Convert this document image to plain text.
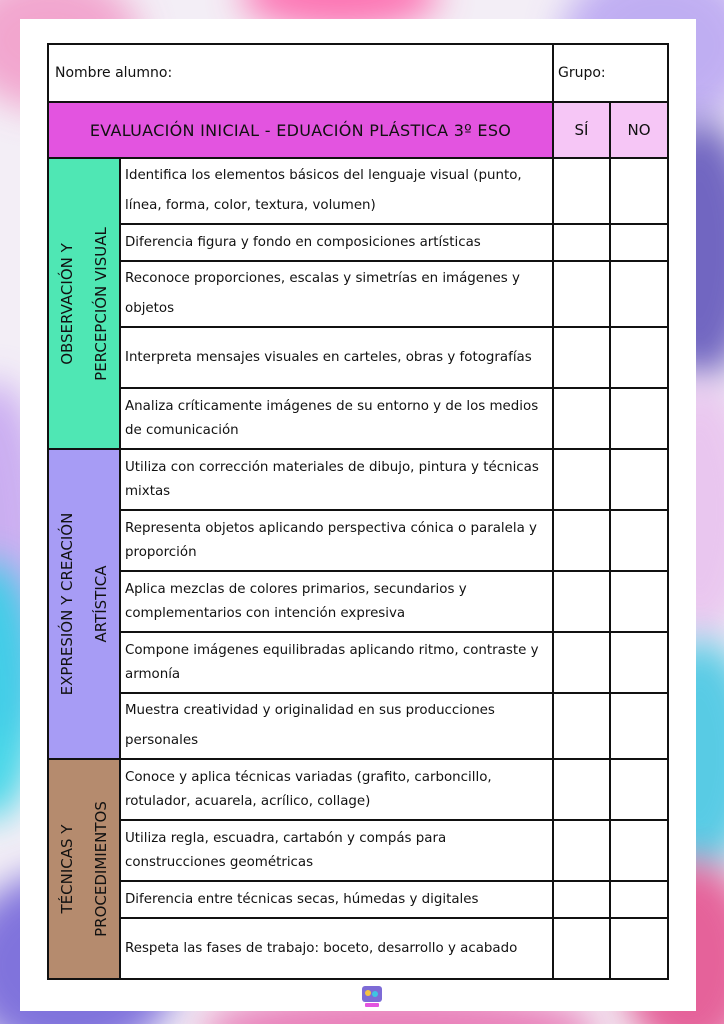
Nombre alumno:		Grupo:	
EVALUACIÓN INICIAL - EDUACIÓN PLÁSTICA 3º ESO		SÍ	NO

OBSERVACIÓN Y PERCEPCIÓN VISUAL	Identifica los elementos básicos del lenguaje visual (punto, línea, forma, color, textura, volumen)		
	Diferencia figura y fondo en composiciones artísticas		
	Reconoce proporciones, escalas y simetrías en imágenes y objetos		
	Interpreta mensajes visuales en carteles, obras y fotografías		
	Analiza críticamente imágenes de su entorno y de los medios de comunicación		

EXPRESIÓN Y CREACIÓN ARTÍSTICA	Utiliza con corrección materiales de dibujo, pintura y técnicas mixtas		
	Representa objetos aplicando perspectiva cónica o paralela y proporción		
	Aplica mezclas de colores primarios, secundarios y complementarios con intención expresiva		
	Compone imágenes equilibradas aplicando ritmo, contraste y armonía		
	Muestra creatividad y originalidad en sus producciones personales		

TÉCNICAS Y PROCEDIMIENTOS	Conoce y aplica técnicas variadas (grafito, carboncillo, rotulador, acuarela, acrílico, collage)		
	Utiliza regla, escuadra, cartabón y compás para construcciones geométricas		
	Diferencia entre técnicas secas, húmedas y digitales		
	Respeta las fases de trabajo: boceto, desarrollo y acabado		
